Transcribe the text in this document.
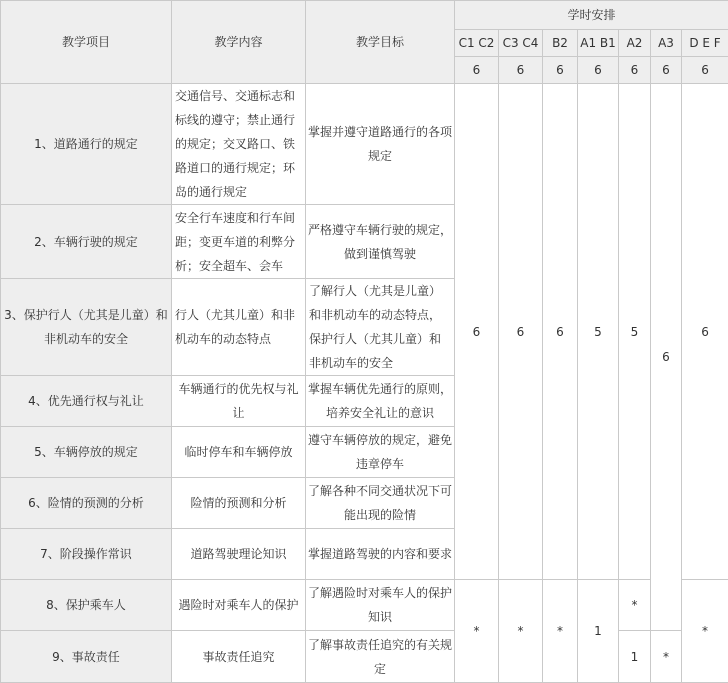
教学项目	教学内容	教学目标	学时安排						
			C1 C2	C3 C4	B2	A1 B1	A2	A3	D E F
			6	6	6	6	6	6	6
1、道路通行的规定	交通信号、交通标志和标线的遵守；禁止通行的规定；交叉路口、铁路道口的通行规定；环岛的通行规定	掌握并遵守道路通行的各项规定	6	6	6	5	5	6	6
2、车辆行驶的规定	安全行车速度和行车间距；变更车道的利弊分析；安全超车、会车	严格遵守车辆行驶的规定，做到谨慎驾驶							
3、保护行人（尤其是儿童）和非机动车的安全	行人（尤其儿童）和非机动车的动态特点	了解行人（尤其是儿童）和非机动车的动态特点，保护行人（尤其儿童）和非机动车的安全							
4、优先通行权与礼让	车辆通行的优先权与礼让	掌握车辆优先通行的原则，培养安全礼让的意识							
5、车辆停放的规定	临时停车和车辆停放	遵守车辆停放的规定，避免违章停车							
6、险情的预测的分析	险情的预测和分析	了解各种不同交通状况下可能出现的险情							
7、阶段操作常识	道路驾驶理论知识	掌握道路驾驶的内容和要求							
8、保护乘车人	遇险时对乘车人的保护	了解遇险时对乘车人的保护知识	*	*	*	1	*		*
9、事故责任	事故责任追究	了解事故责任追究的有关规定					1	*	
